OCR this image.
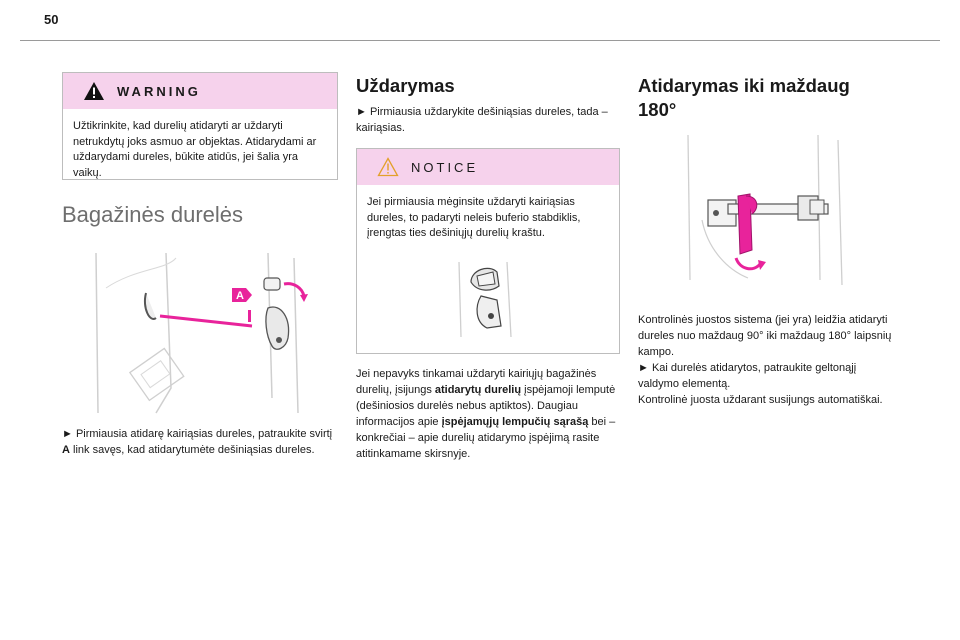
50
WARNING
Užtikrinkite, kad durelių atidaryti ar uždaryti netrukdytų joks asmuo ar objektas. Atidarydami ar uždarydami dureles, būkite atidūs, jei šalia yra vaikų.
Bagažinės durelės
A

► Pirmiausia atidarę kairiąsias dureles, patraukite svirtį A link savęs, kad atidarytumėte dešiniąsias dureles.

Uždarymas

► Pirmiausia uždarykite dešiniąsias dureles, tada – kairiąsias.

NOTICE
Jei pirmiausia mėginsite uždaryti kairiąsias dureles, to padaryti neleis buferio stabdiklis, įrengtas ties dešiniųjų durelių kraštu.

Jei nepavyks tinkamai uždaryti kairiųjų bagažinės durelių, įsijungs atidarytų durelių įspėjamoji lemputė (dešiniosios durelės nebus aptiktos). Daugiau informacijos apie įspėjamųjų lempučių sąrašą bei – konkrečiai – apie durelių atidarymo įspėjimą rasite atitinkamame skirsnyje.

Atidarymas iki maždaug 180°

Kontrolinės juostos sistema (jei yra) leidžia atidaryti dureles nuo maždaug 90° iki maždaug 180° laipsnių kampo.

► Kai durelės atidarytos, patraukite geltonąjį valdymo elementą.

Kontrolinė juosta uždarant susijungs automatiškai.
